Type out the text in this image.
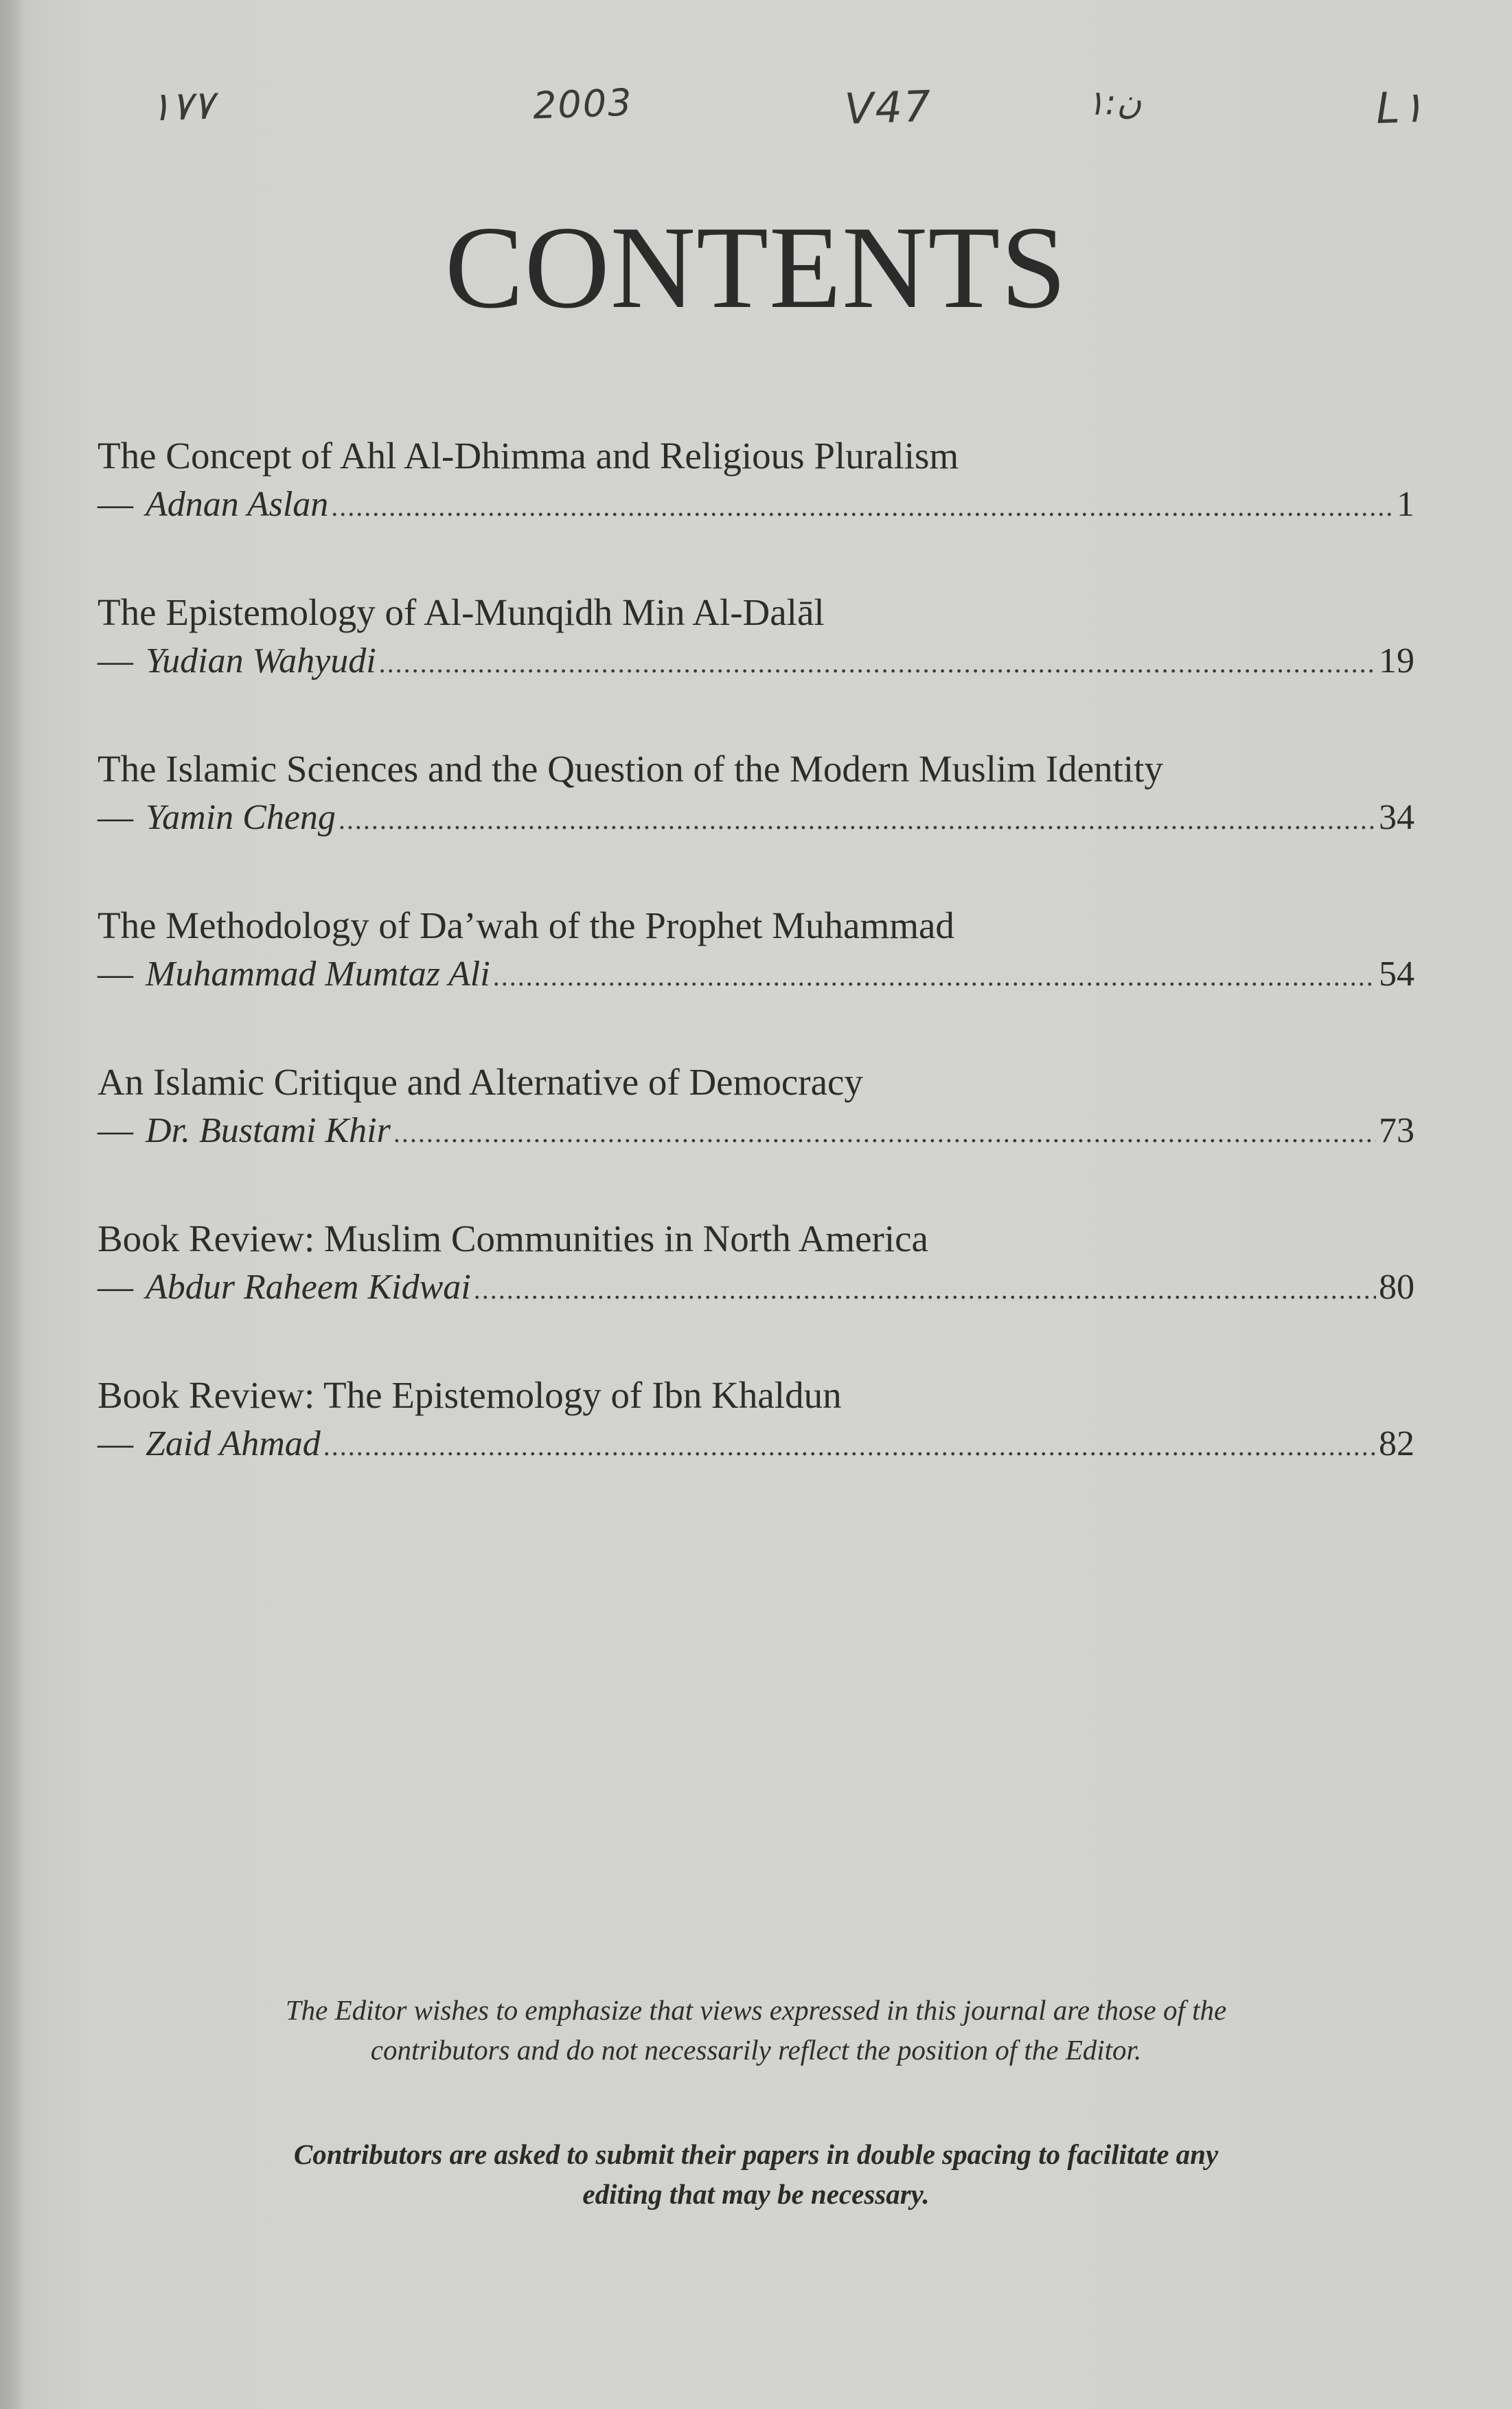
١٧٧	2003	V47	ن:١	L١
CONTENTS
The Concept of Ahl Al-Dhimma and Religious Pluralism
— Adnan Aslan .....	1
The Epistemology of Al-Munqidh Min Al-Dalāl
— Yudian Wahyudi .....	19
The Islamic Sciences and the Question of the Modern Muslim Identity
— Yamin Cheng .....	34
The Methodology of Da’wah of the Prophet Muhammad
— Muhammad Mumtaz Ali .....	54
An Islamic Critique and Alternative of Democracy
— Dr. Bustami Khir .....	73
Book Review: Muslim Communities in North America
— Abdur Raheem Kidwai .....	80
Book Review: The Epistemology of Ibn Khaldun
— Zaid Ahmad .....	82
The Editor wishes to emphasize that views expressed in this journal are those of the contributors and do not necessarily reflect the position of the Editor.
Contributors are asked to submit their papers in double spacing to facilitate any editing that may be necessary.
